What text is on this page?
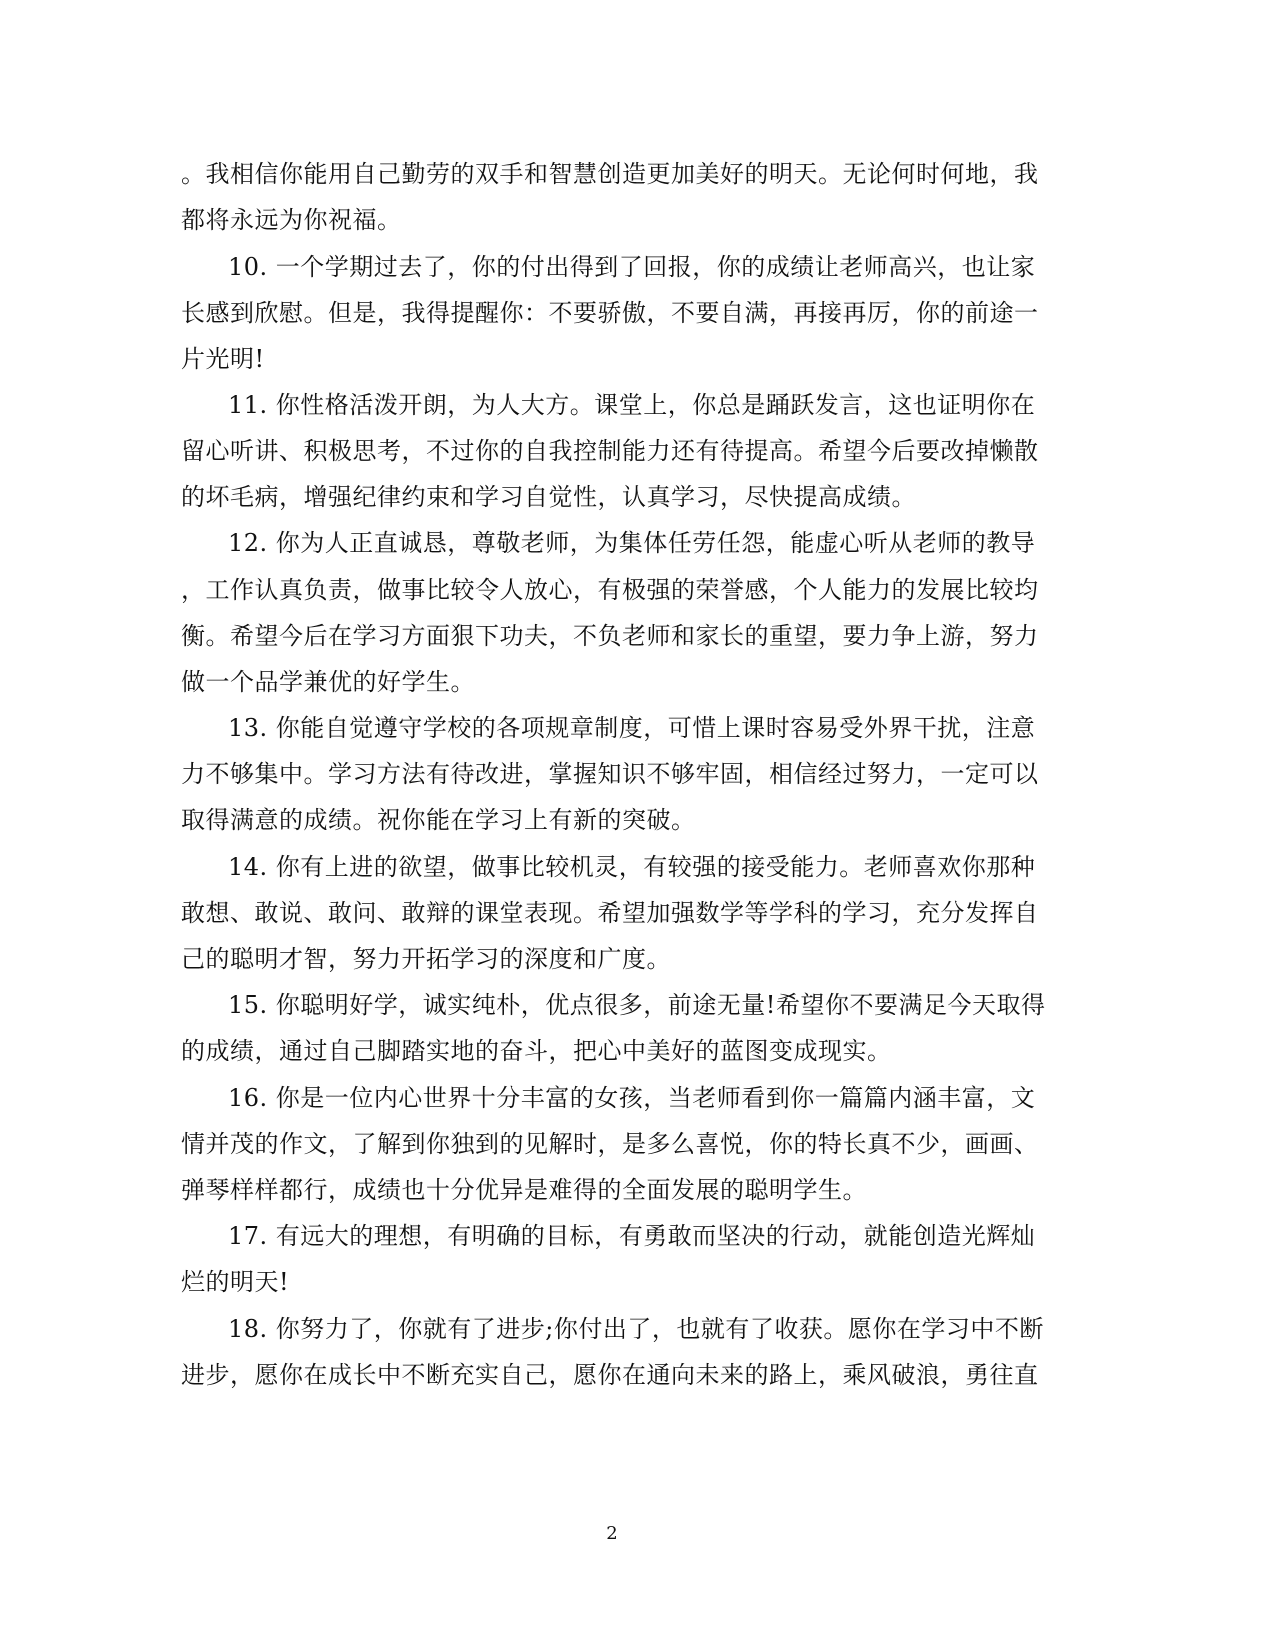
。我相信你能用自己勤劳的双手和智慧创造更加美好的明天。无论何时何地，我
都将永远为你祝福。
10. 一个学期过去了，你的付出得到了回报，你的成绩让老师高兴，也让家
长感到欣慰。但是，我得提醒你：不要骄傲，不要自满，再接再厉，你的前途一
片光明!
11. 你性格活泼开朗，为人大方。课堂上，你总是踊跃发言，这也证明你在
留心听讲、积极思考，不过你的自我控制能力还有待提高。希望今后要改掉懒散
的坏毛病，增强纪律约束和学习自觉性，认真学习，尽快提高成绩。
12. 你为人正直诚恳，尊敬老师，为集体任劳任怨，能虚心听从老师的教导
，工作认真负责，做事比较令人放心，有极强的荣誉感，个人能力的发展比较均
衡。希望今后在学习方面狠下功夫，不负老师和家长的重望，要力争上游，努力
做一个品学兼优的好学生。
13. 你能自觉遵守学校的各项规章制度，可惜上课时容易受外界干扰，注意
力不够集中。学习方法有待改进，掌握知识不够牢固，相信经过努力，一定可以
取得满意的成绩。祝你能在学习上有新的突破。
14. 你有上进的欲望，做事比较机灵，有较强的接受能力。老师喜欢你那种
敢想、敢说、敢问、敢辩的课堂表现。希望加强数学等学科的学习，充分发挥自
己的聪明才智，努力开拓学习的深度和广度。
15. 你聪明好学，诚实纯朴，优点很多，前途无量!希望你不要满足今天取得
的成绩，通过自己脚踏实地的奋斗，把心中美好的蓝图变成现实。
16. 你是一位内心世界十分丰富的女孩，当老师看到你一篇篇内涵丰富，文
情并茂的作文，了解到你独到的见解时，是多么喜悦，你的特长真不少，画画、
弹琴样样都行，成绩也十分优异是难得的全面发展的聪明学生。
17. 有远大的理想，有明确的目标，有勇敢而坚决的行动，就能创造光辉灿
烂的明天!
18. 你努力了，你就有了进步;你付出了，也就有了收获。愿你在学习中不断
进步，愿你在成长中不断充实自己，愿你在通向未来的路上，乘风破浪，勇往直
2
